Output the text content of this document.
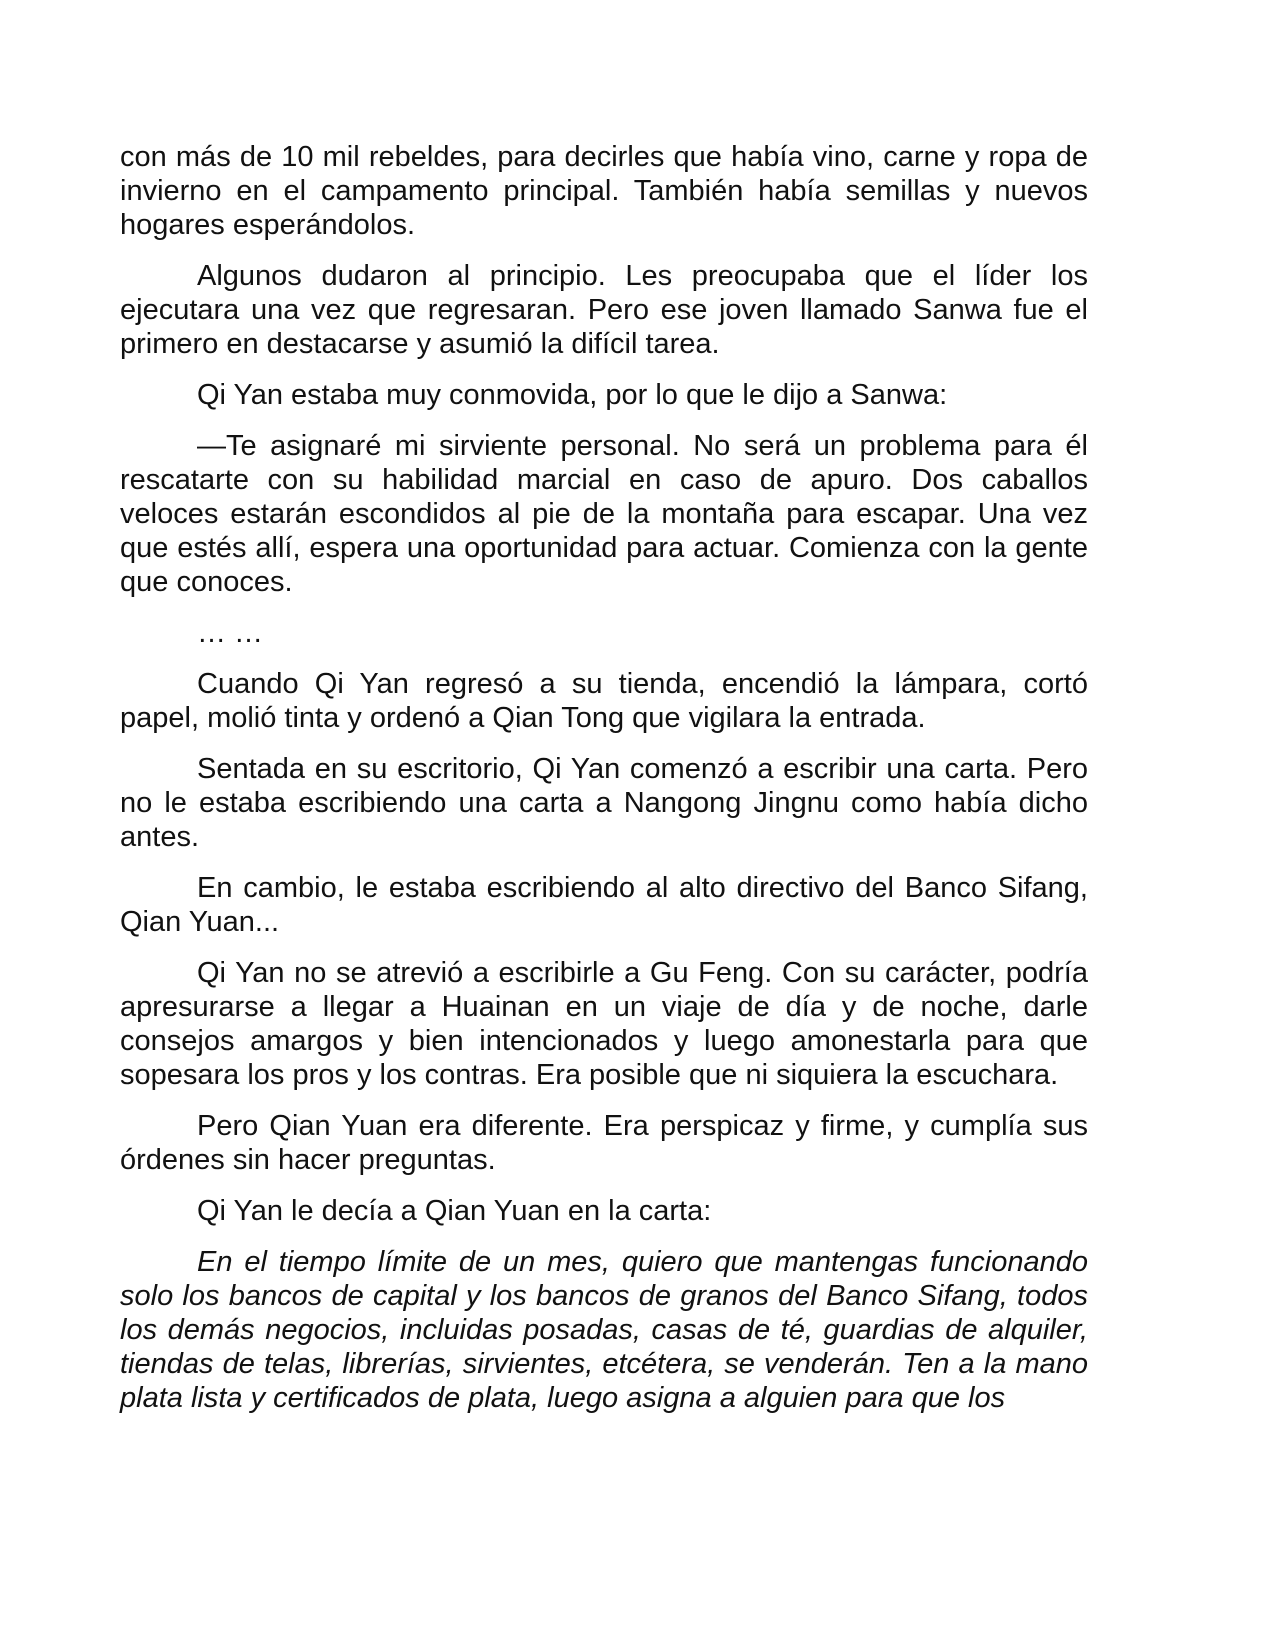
con más de 10 mil rebeldes, para decirles que había vino, carne y ropa de invierno en el campamento principal. También había semillas y nuevos hogares esperándolos.

Algunos dudaron al principio. Les preocupaba que el líder los ejecutara una vez que regresaran. Pero ese joven llamado Sanwa fue el primero en destacarse y asumió la difícil tarea.

Qi Yan estaba muy conmovida, por lo que le dijo a Sanwa:

—Te asignaré mi sirviente personal. No será un problema para él rescatarte con su habilidad marcial en caso de apuro. Dos caballos veloces estarán escondidos al pie de la montaña para escapar. Una vez que estés allí, espera una oportunidad para actuar. Comienza con la gente que conoces.

… …

Cuando Qi Yan regresó a su tienda, encendió la lámpara, cortó papel, molió tinta y ordenó a Qian Tong que vigilara la entrada.

Sentada en su escritorio, Qi Yan comenzó a escribir una carta. Pero no le estaba escribiendo una carta a Nangong Jingnu como había dicho antes.

En cambio, le estaba escribiendo al alto directivo del Banco Sifang, Qian Yuan...

Qi Yan no se atrevió a escribirle a Gu Feng. Con su carácter, podría apresurarse a llegar a Huainan en un viaje de día y de noche, darle consejos amargos y bien intencionados y luego amonestarla para que sopesara los pros y los contras. Era posible que ni siquiera la escuchara.

Pero Qian Yuan era diferente. Era perspicaz y firme, y cumplía sus órdenes sin hacer preguntas.

Qi Yan le decía a Qian Yuan en la carta:

En el tiempo límite de un mes, quiero que mantengas funcionando solo los bancos de capital y los bancos de granos del Banco Sifang, todos los demás negocios, incluidas posadas, casas de té, guardias de alquiler, tiendas de telas, librerías, sirvientes, etcétera, se venderán. Ten a la mano plata lista y certificados de plata, luego asigna a alguien para que los
